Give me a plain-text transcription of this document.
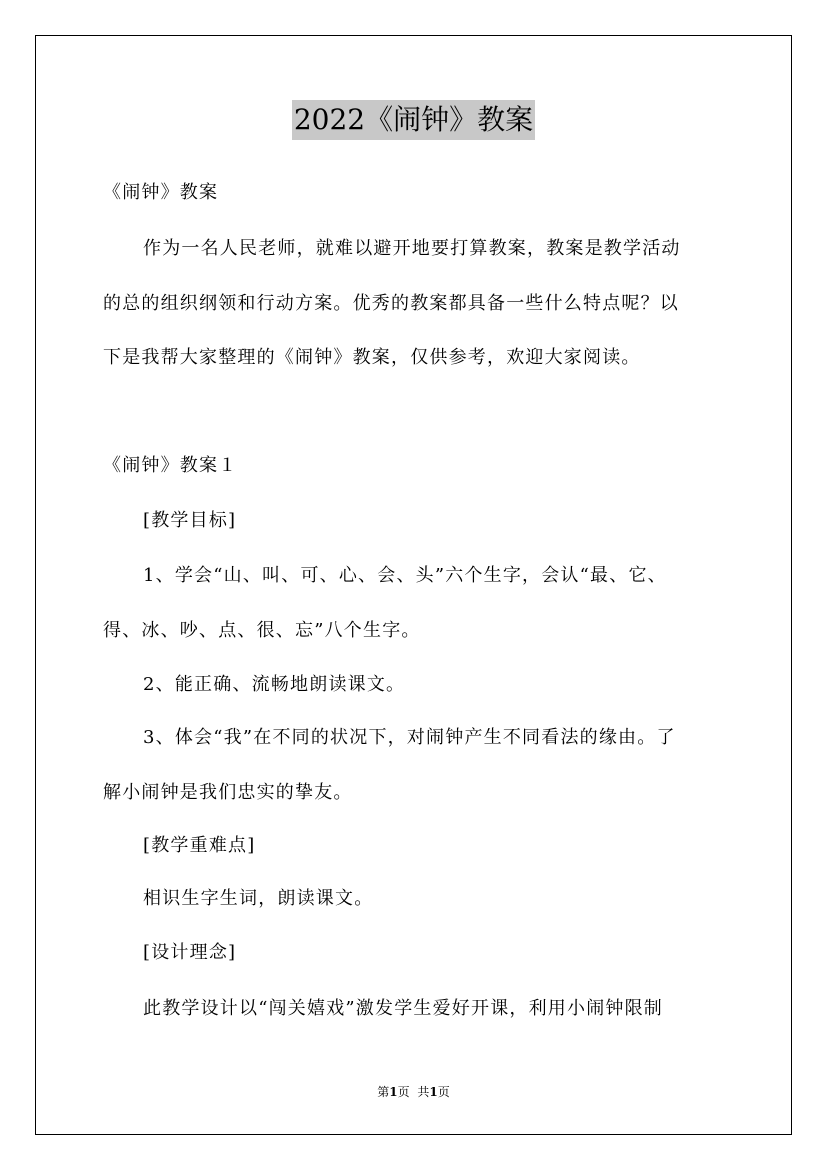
2022《闹钟》教案
《闹钟》教案
作为一名人民老师，就难以避开地要打算教案，教案是教学活动
的总的组织纲领和行动方案。优秀的教案都具备一些什么特点呢？以
下是我帮大家整理的《闹钟》教案，仅供参考，欢迎大家阅读。
《闹钟》教案１
[教学目标]
1、学会“山、叫、可、心、会、头”六个生字，会认“最、它、
得、冰、吵、点、很、忘”八个生字。
2、能正确、流畅地朗读课文。
3、体会“我”在不同的状况下，对闹钟产生不同看法的缘由。了
解小闹钟是我们忠实的挚友。
[教学重难点]
相识生字生词，朗读课文。
[设计理念]
此教学设计以“闯关嬉戏”激发学生爱好开课，利用小闹钟限制
第1页 共1页
